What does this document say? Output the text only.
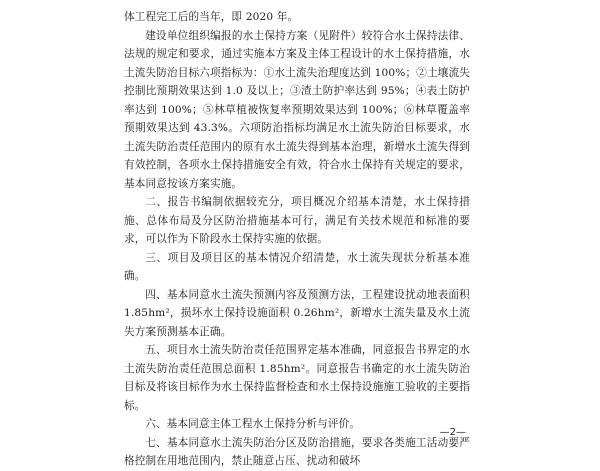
体工程完工后的当年，即 2020 年。

建设单位组织编报的水土保持方案（见附件）较符合水土保持法律、法规的规定和要求，通过实施本方案及主体工程设计的水土保持措施，水土流失防治目标六项指标为：①水土流失治理度达到 100%；②土壤流失控制比预期效果达到 1.0 及以上；③渣土防护率达到 95%；④表土防护率达到 100%；⑤林草植被恢复率预期效果达到 100%；⑥林草覆盖率预期效果达到 43.3%。六项防治指标均满足水土流失防治目标要求，水土流失防治责任范围内的原有水土流失得到基本治理，新增水土流失得到有效控制，各项水土保持措施安全有效，符合水土保持有关规定的要求，基本同意按该方案实施。

二、报告书编制依据较充分，项目概况介绍基本清楚，水土保持措施、总体布局及分区防治措施基本可行，满足有关技术规范和标准的要求，可以作为下阶段水土保持实施的依据。

三、项目及项目区的基本情况介绍清楚，水土流失现状分析基本准确。

四、基本同意水土流失预测内容及预测方法，工程建设扰动地表面积 1.85hm²，损坏水土保持设施面积 0.26hm²，新增水土流失量及水土流失方案预测基本正确。

五、项目水土流失防治责任范围界定基本准确，同意报告书界定的水土流失防治责任范围总面积 1.85hm²。同意报告书确定的水土流失防治目标及将该目标作为水土保持监督检查和水土保持设施施工验收的主要指标。

六、基本同意主体工程水土保持分析与评价。

七、基本同意水土流失防治分区及防治措施，要求各类施工活动要严格控制在用地范围内，禁止随意占压、扰动和破坏

—2—
